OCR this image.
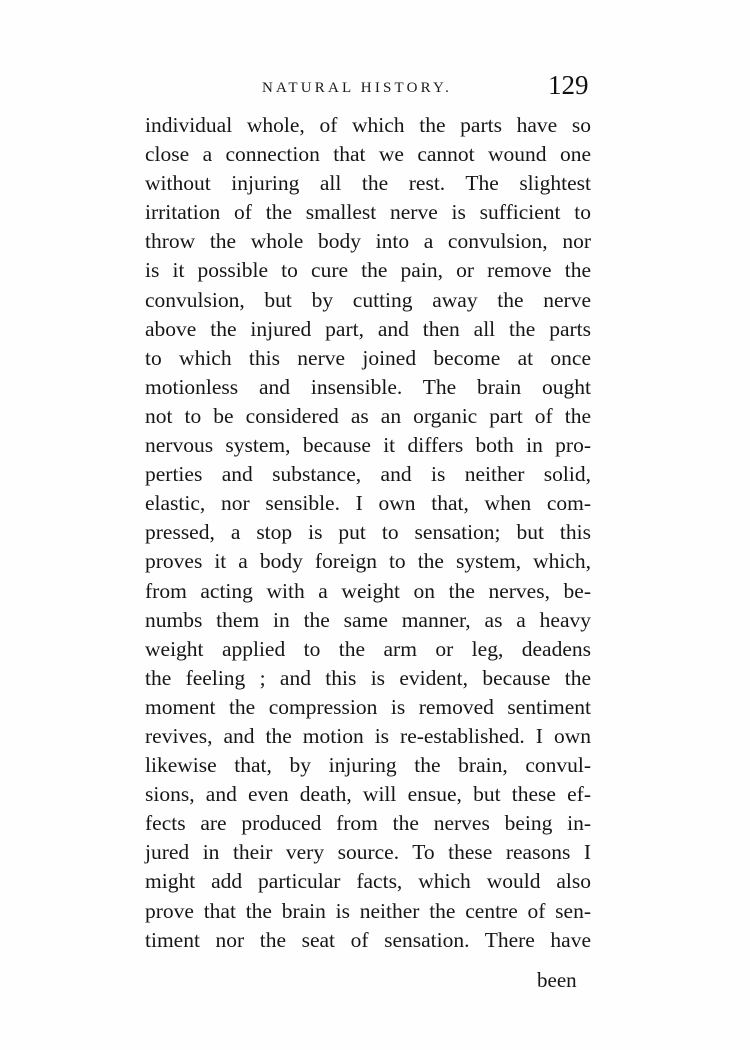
NATURAL HISTORY.	129
individual whole, of which the parts have so
close a connection that we cannot wound one
without injuring all the rest. The slightest
irritation of the smallest nerve is sufficient to
throw the whole body into a convulsion, nor
is it possible to cure the pain, or remove the
convulsion, but by cutting away the nerve
above the injured part, and then all the parts
to which this nerve joined become at once
motionless and insensible. The brain ought
not to be considered as an organic part of the
nervous system, because it differs both in pro-
perties and substance, and is neither solid,
elastic, nor sensible. I own that, when com-
pressed, a stop is put to sensation; but this
proves it a body foreign to the system, which,
from acting with a weight on the nerves, be-
numbs them in the same manner, as a heavy
weight applied to the arm or leg, deadens
the feeling ; and this is evident, because the
moment the compression is removed sentiment
revives, and the motion is re-established. I own
likewise that, by injuring the brain, convul-
sions, and even death, will ensue, but these ef-
fects are produced from the nerves being in-
jured in their very source. To these reasons I
might add particular facts, which would also
prove that the brain is neither the centre of sen-
timent nor the seat of sensation. There have
been
